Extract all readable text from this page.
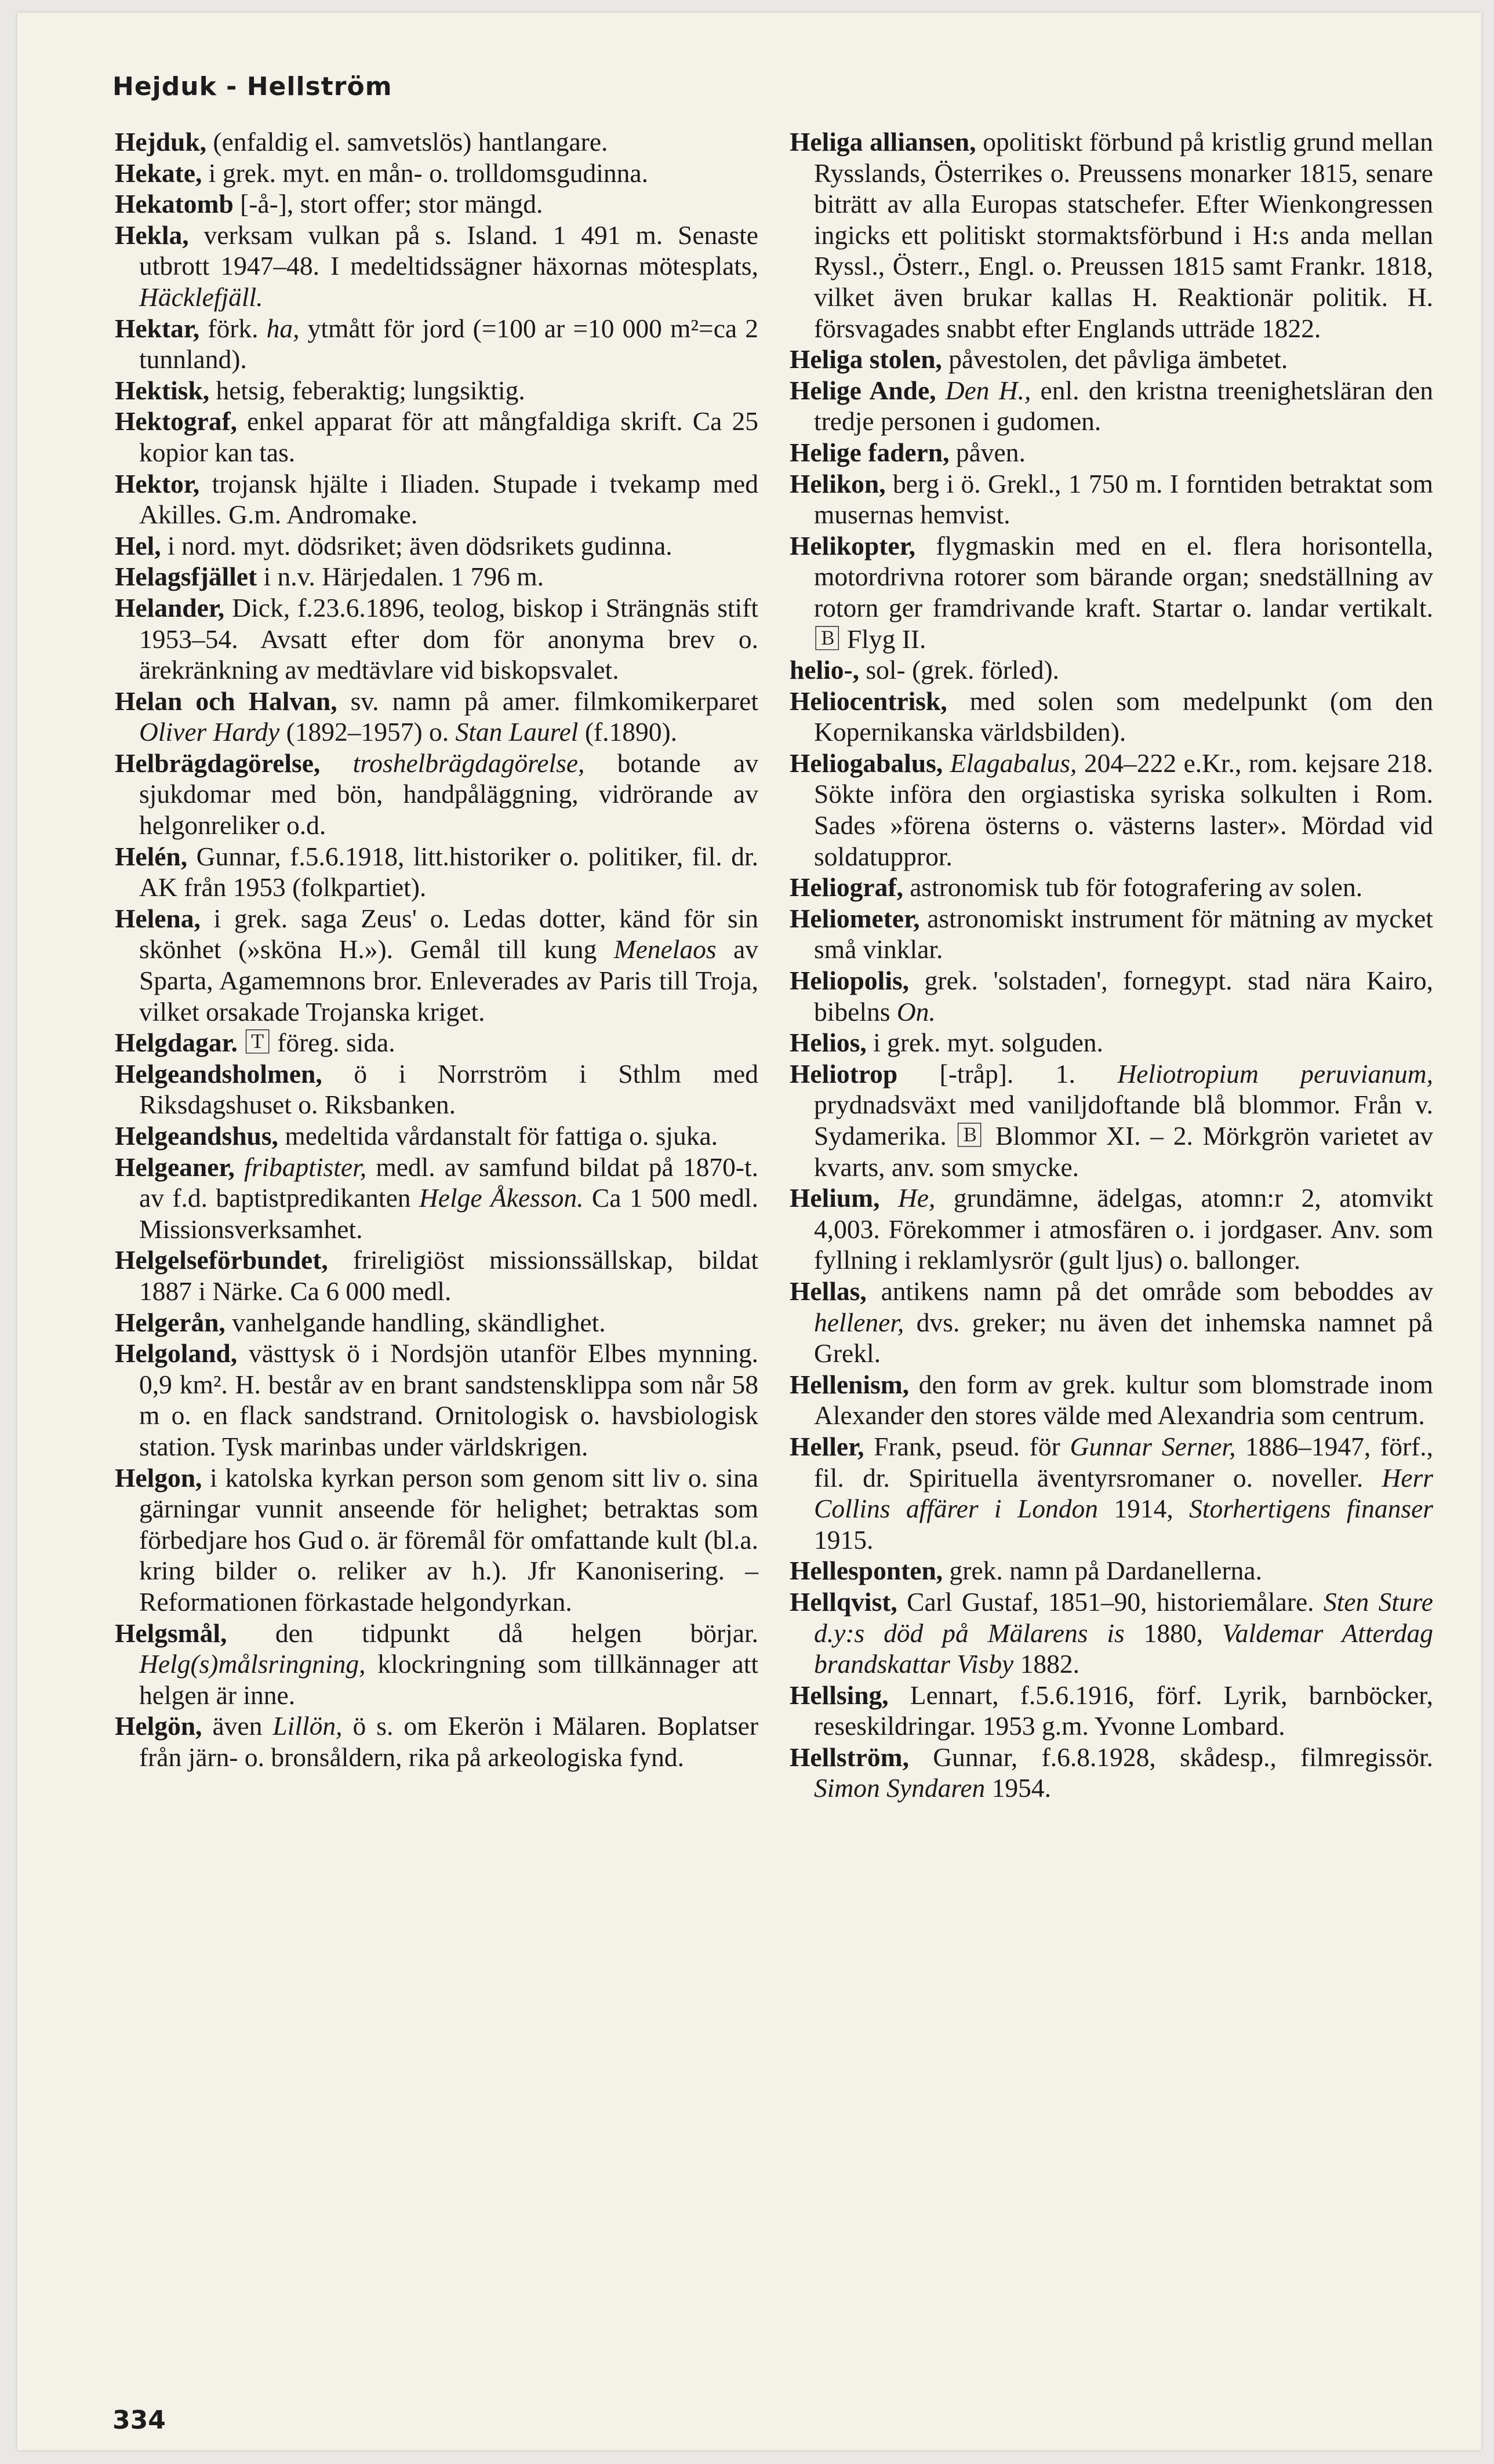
Hejduk - Hellström

Hejduk, (enfaldig el. samvetslös) hantlangare.

Hekate, i grek. myt. en mån- o. trolldomsgudinna.

Hekatomb [-å-], stort offer; stor mängd.

Hekla, verksam vulkan på s. Island. 1 491 m. Senaste utbrott 1947–48. I medeltidssägner häxornas mötesplats, Häcklefjäll.

Hektar, förk. ha, ytmått för jord (=100 ar =10 000 m²=ca 2 tunnland).

Hektisk, hetsig, feberaktig; lungsiktig.

Hektograf, enkel apparat för att mångfaldiga skrift. Ca 25 kopior kan tas.

Hektor, trojansk hjälte i Iliaden. Stupade i tvekamp med Akilles. G.m. Andromake.

Hel, i nord. myt. dödsriket; även dödsrikets gudinna.

Helagsfjället i n.v. Härjedalen. 1 796 m.

Helander, Dick, f.23.6.1896, teolog, biskop i Strängnäs stift 1953–54. Avsatt efter dom för anonyma brev o. ärekränkning av medtävlare vid biskopsvalet.

Helan och Halvan, sv. namn på amer. filmkomikerparet Oliver Hardy (1892–1957) o. Stan Laurel (f.1890).

Helbrägdagörelse, troshelbrägdagörelse, botande av sjukdomar med bön, handpåläggning, vidrörande av helgonreliker o.d.

Helén, Gunnar, f.5.6.1918, litt.historiker o. politiker, fil. dr. AK från 1953 (folkpartiet).

Helena, i grek. saga Zeus' o. Ledas dotter, känd för sin skönhet (»sköna H.»). Gemål till kung Menelaos av Sparta, Agamemnons bror. Enleverades av Paris till Troja, vilket orsakade Trojanska kriget.

Helgdagar. 🅃 föreg. sida.

Helgeandsholmen, ö i Norrström i Sthlm med Riksdagshuset o. Riksbanken.

Helgeandshus, medeltida vårdanstalt för fattiga o. sjuka.

Helgeaner, fribaptister, medl. av samfund bildat på 1870-t. av f.d. baptistpredikanten Helge Åkesson. Ca 1 500 medl. Missionsverksamhet.

Helgelseförbundet, frireligiöst missionssällskap, bildat 1887 i Närke. Ca 6 000 medl.

Helgerån, vanhelgande handling, skändlighet.

Helgoland, västtysk ö i Nordsjön utanför Elbes mynning. 0,9 km². H. består av en brant sandstensklippa som når 58 m o. en flack sandstrand. Ornitologisk o. havsbiologisk station. Tysk marinbas under världskrigen.

Helgon, i katolska kyrkan person som genom sitt liv o. sina gärningar vunnit anseende för helighet; betraktas som förbedjare hos Gud o. är föremål för omfattande kult (bl.a. kring bilder o. reliker av h.). Jfr Kanonisering. – Reformationen förkastade helgondyrkan.

Helgsmål, den tidpunkt då helgen börjar. Helg(s)målsringning, klockringning som tillkännager att helgen är inne.

Helgön, även Lillön, ö s. om Ekerön i Mälaren. Boplatser från järn- o. bronsåldern, rika på arkeologiska fynd.

Heliga alliansen, opolitiskt förbund på kristlig grund mellan Rysslands, Österrikes o. Preussens monarker 1815, senare biträtt av alla Europas statschefer. Efter Wienkongressen ingicks ett politiskt stormaktsförbund i H:s anda mellan Ryssl., Österr., Engl. o. Preussen 1815 samt Frankr. 1818, vilket även brukar kallas H. Reaktionär politik. H. försvagades snabbt efter Englands utträde 1822.

Heliga stolen, påvestolen, det påvliga ämbetet.

Helige Ande, Den H., enl. den kristna treenighetsläran den tredje personen i gudomen.

Helige fadern, påven.

Helikon, berg i ö. Grekl., 1 750 m. I forntiden betraktat som musernas hemvist.

Helikopter, flygmaskin med en el. flera horisontella, motordrivna rotorer som bärande organ; snedställning av rotorn ger framdrivande kraft. Startar o. landar vertikalt. 🄱 Flyg II.

helio-, sol- (grek. förled).

Heliocentrisk, med solen som medelpunkt (om den Kopernikanska världsbilden).

Heliogabalus, Elagabalus, 204–222 e.Kr., rom. kejsare 218. Sökte införa den orgiastiska syriska solkulten i Rom. Sades »förena österns o. västerns laster». Mördad vid soldatuppror.

Heliograf, astronomisk tub för fotografering av solen.

Heliometer, astronomiskt instrument för mätning av mycket små vinklar.

Heliopolis, grek. 'solstaden', fornegypt. stad nära Kairo, bibelns On.

Helios, i grek. myt. solguden.

Heliotrop [-tråp]. 1. Heliotropium peruvianum, prydnadsväxt med vaniljdoftande blå blommor. Från v. Sydamerika. 🄱 Blommor XI. – 2. Mörkgrön varietet av kvarts, anv. som smycke.

Helium, He, grundämne, ädelgas, atomn:r 2, atomvikt 4,003. Förekommer i atmosfären o. i jordgaser. Anv. som fyllning i reklamlysrör (gult ljus) o. ballonger.

Hellas, antikens namn på det område som beboddes av hellener, dvs. greker; nu även det inhemska namnet på Grekl.

Hellenism, den form av grek. kultur som blomstrade inom Alexander den stores välde med Alexandria som centrum.

Heller, Frank, pseud. för Gunnar Serner, 1886–1947, förf., fil. dr. Spirituella äventyrsromaner o. noveller. Herr Collins affärer i London 1914, Storhertigens finanser 1915.

Hellesponten, grek. namn på Dardanellerna.

Hellqvist, Carl Gustaf, 1851–90, historiemålare. Sten Sture d.y:s död på Mälarens is 1880, Valdemar Atterdag brandskattar Visby 1882.

Hellsing, Lennart, f.5.6.1916, förf. Lyrik, barnböcker, reseskildringar. 1953 g.m. Yvonne Lombard.

Hellström, Gunnar, f.6.8.1928, skådesp., filmregissör. Simon Syndaren 1954.

334
